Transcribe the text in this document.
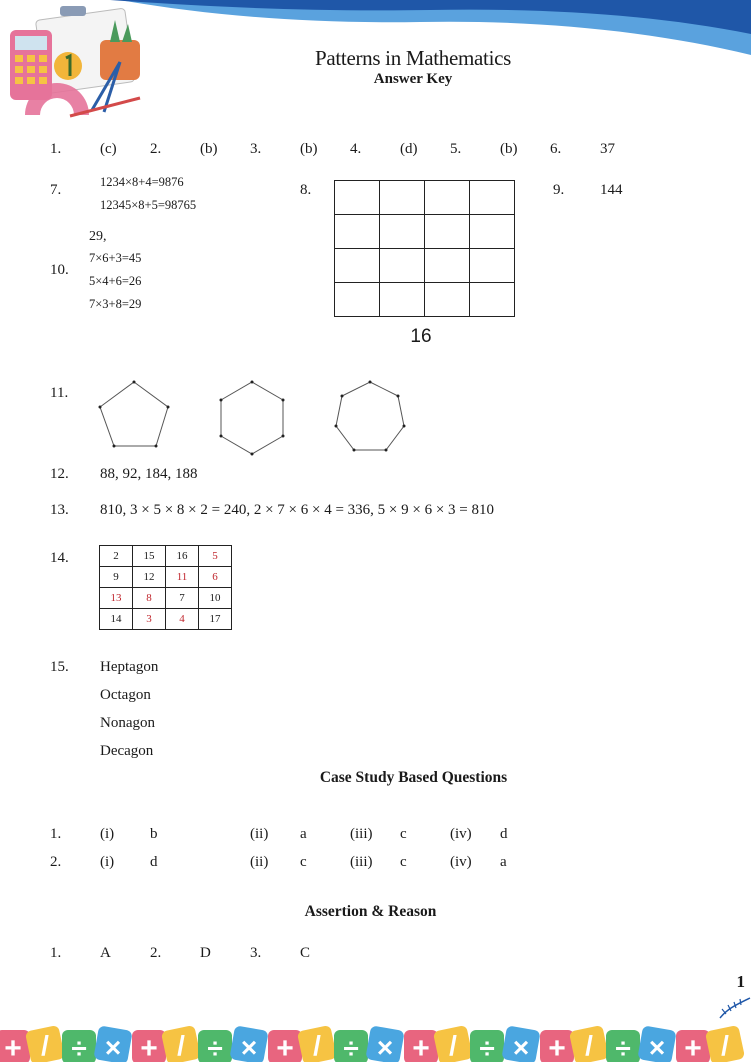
Patterns in Mathematics
Answer Key
1.	(c) 2.	(b) 3.	(b) 4.	(d) 5.	(b) 6.	37
7.	1234×8+4=9876
12345×8+5=98765
8.

16
9. 144
10.
29,
7×6+3=45
5×4+6=26
7×3+8=29
11.
12. 88, 92, 184, 188
13. 810, 3 × 5 × 8 × 2 = 240, 2 × 7 × 6 × 4 = 336, 5 × 9 × 6 × 3 = 810
14.	2	15	16	5
9	12	11	6
13	8	7	10
14	3	4	17
15. Heptagon
Octagon
Nonagon
Decagon
Case Study Based Questions
1.	(i) b	(ii) a	(iii) c	(iv) d
2.	(i) d	(ii) c	(iii) c	(iv) a
Assertion & Reason
1.	A	2.	D	3.	C
1
+ / ÷ × + / ÷ × + / ÷ × + / ÷ × + / ÷ × + /
